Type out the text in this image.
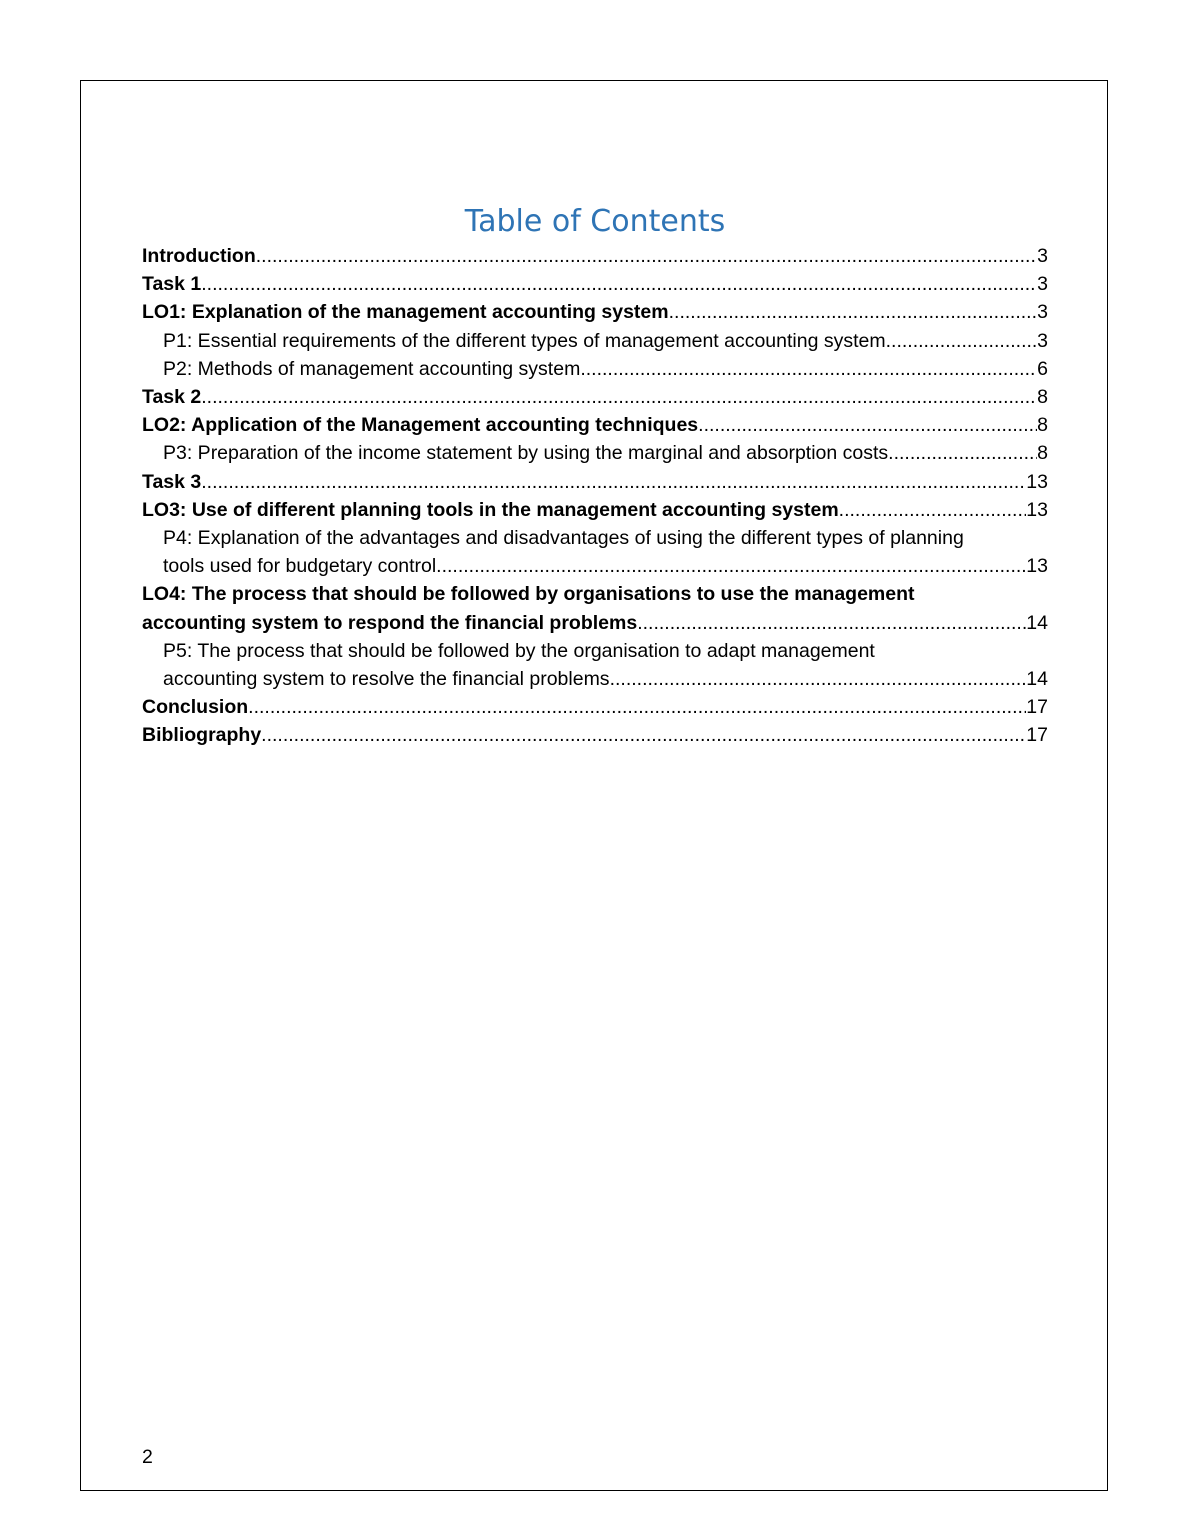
Table of Contents
Introduction .....	3
Task 1 .....	3
LO1: Explanation of the management accounting system .....	3
P1: Essential requirements of the different types of management accounting system .....	3
P2: Methods of management accounting system .....	6
Task 2 .....	8
LO2: Application of the Management accounting techniques .....	8
P3: Preparation of the income statement by using the marginal and absorption costs .....	8
Task 3 .....	13
LO3: Use of different planning tools in the management accounting system .....	13
P4: Explanation of the advantages and disadvantages of using the different types of planning
tools used for budgetary control .....	13
LO4: The process that should be followed by organisations to use the management
accounting system to respond the financial problems .....	14
P5: The process that should be followed by the organisation to adapt management
accounting system to resolve the financial problems .....	14
Conclusion .....	17
Bibliography .....	17
2
